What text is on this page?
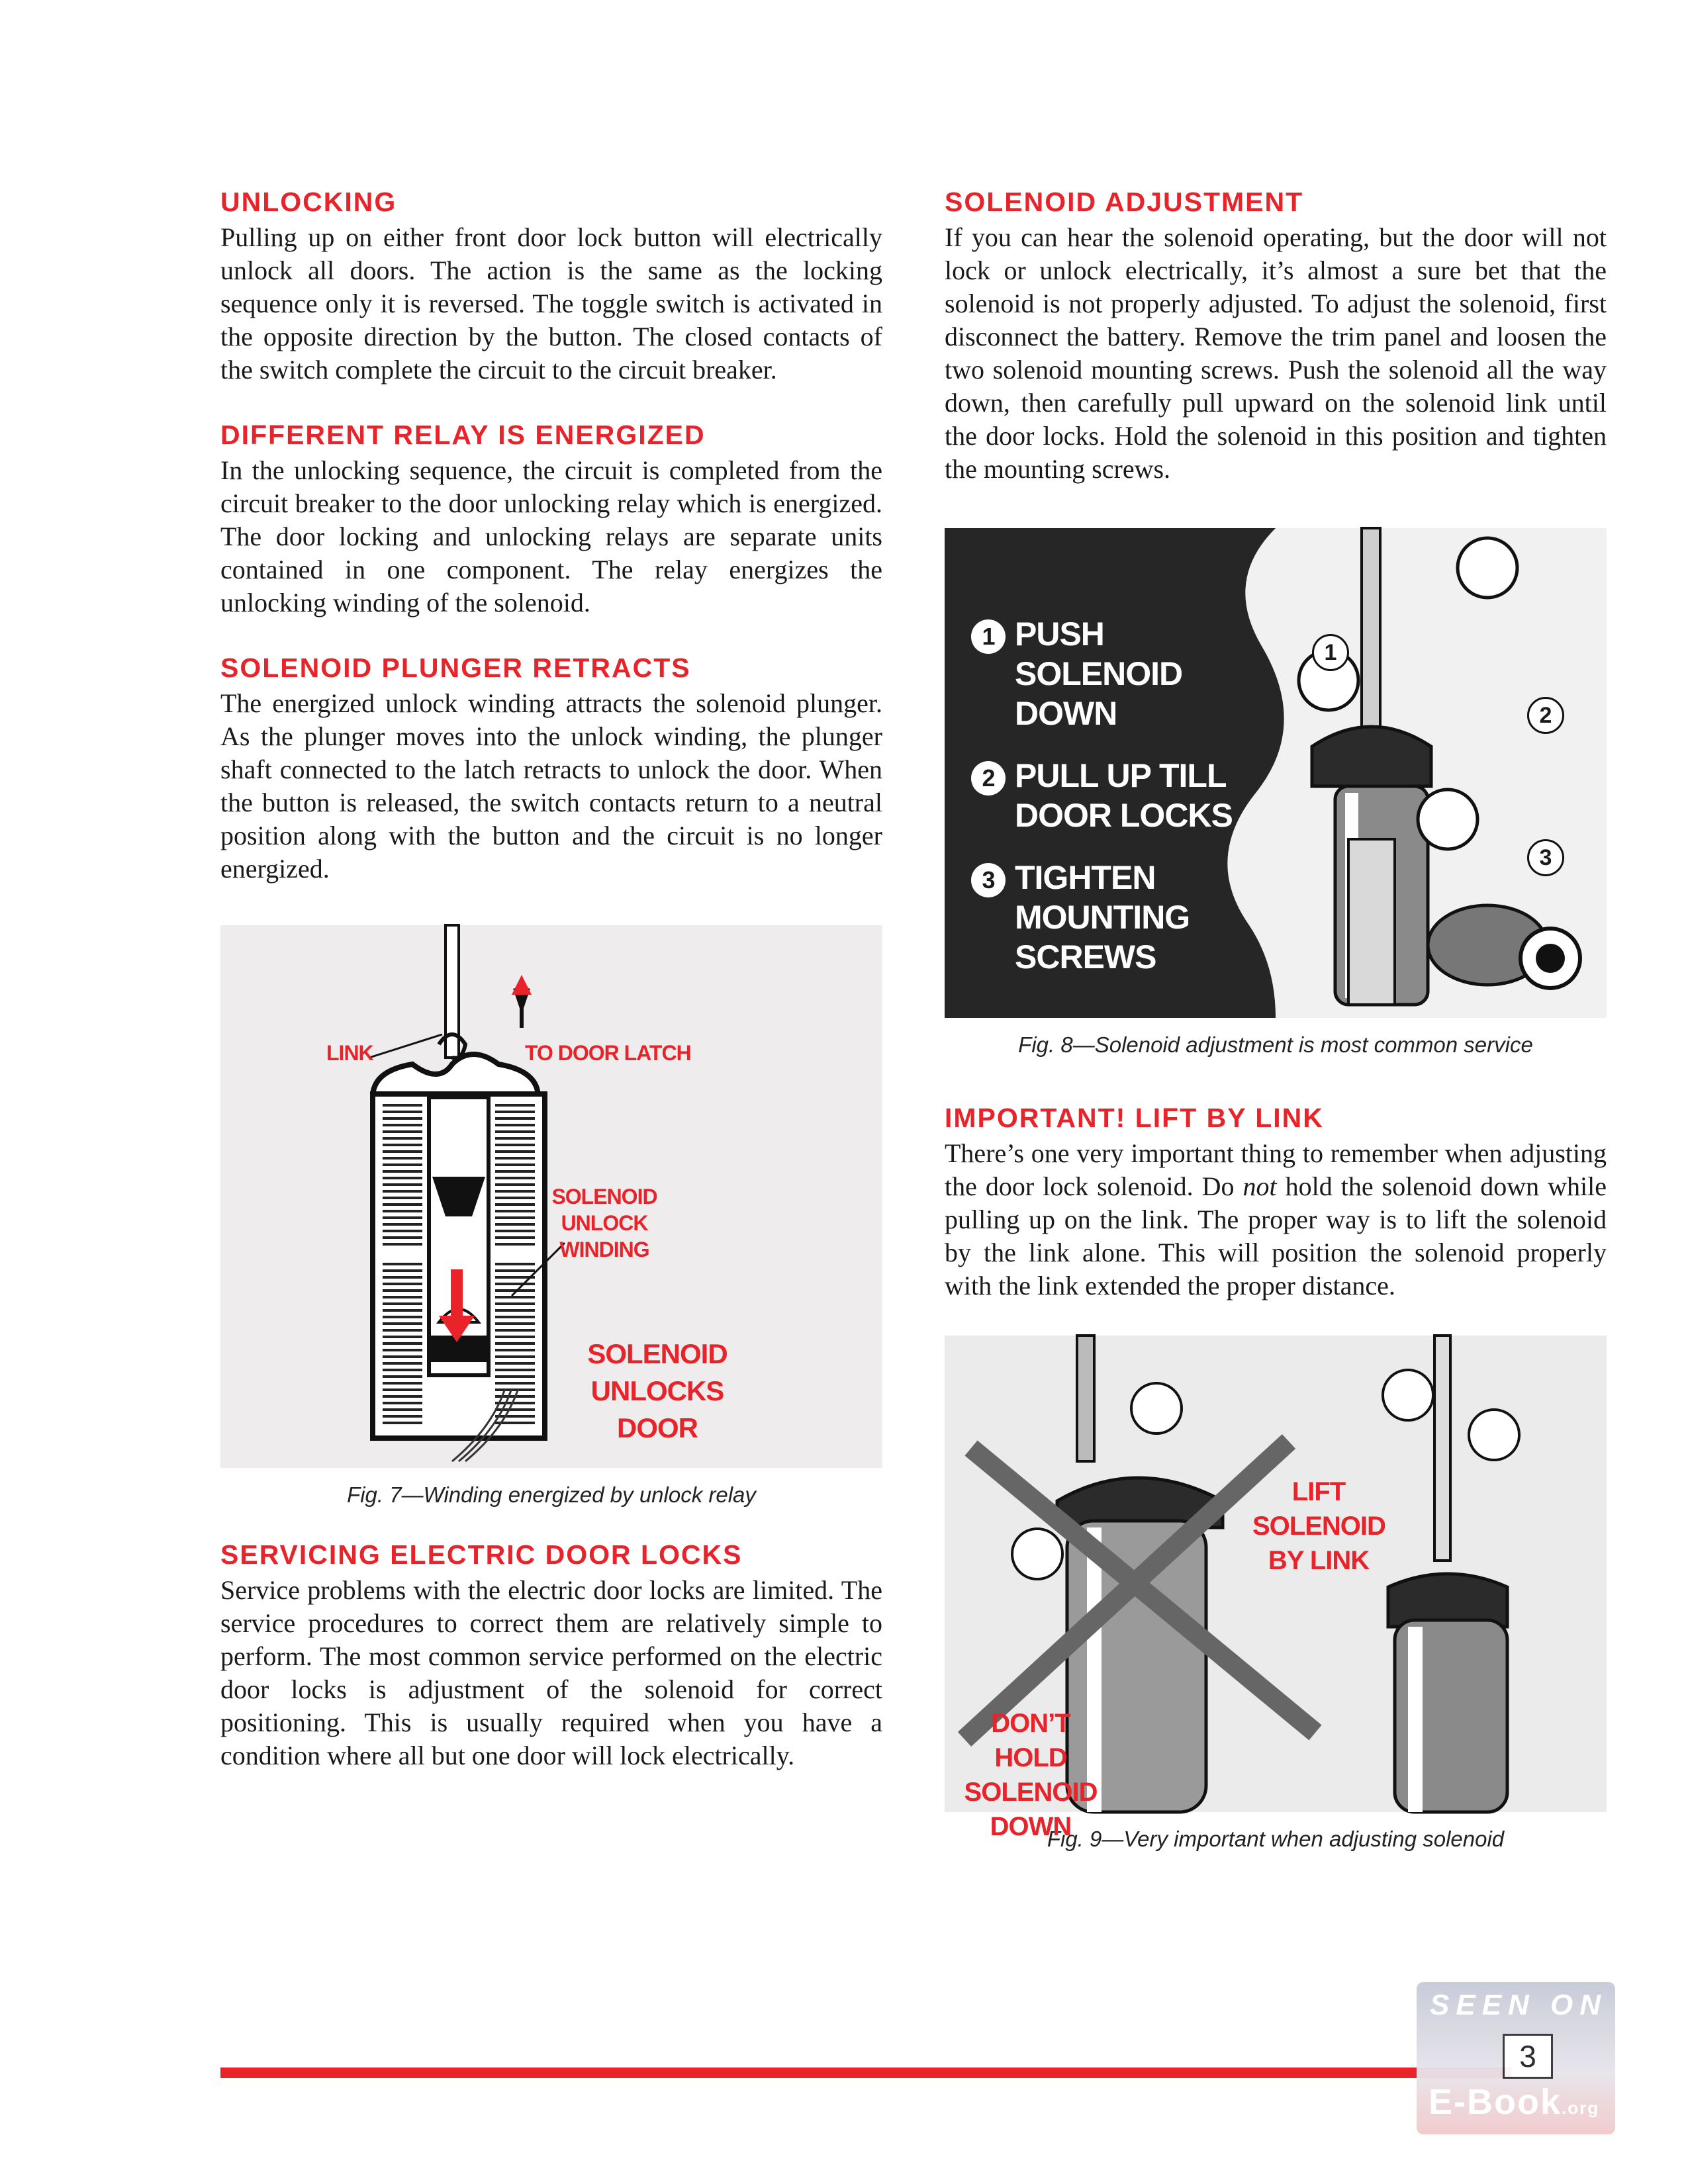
UNLOCKING

Pulling up on either front door lock button will electrically unlock all doors. The action is the same as the locking sequence only it is reversed. The toggle switch is activated in the opposite direction by the button. The closed contacts of the switch complete the circuit to the circuit breaker.

DIFFERENT RELAY IS ENERGIZED

In the unlocking sequence, the circuit is completed from the circuit breaker to the door unlocking relay which is energized. The door locking and unlocking relays are separate units contained in one component. The relay energizes the unlocking winding of the solenoid.

SOLENOID PLUNGER RETRACTS

The energized unlock winding attracts the solenoid plunger. As the plunger moves into the unlock winding, the plunger shaft connected to the latch retracts to unlock the door. When the button is released, the switch contacts return to a neutral position along with the button and the circuit is no longer energized.

LINK	TO DOOR LATCH
SOLENOID UNLOCK WINDING
SOLENOID UNLOCKS DOOR
Fig. 7—Winding energized by unlock relay
SERVICING ELECTRIC DOOR LOCKS

Service problems with the electric door locks are limited. The service procedures to correct them are relatively simple to perform. The most common service performed on the electric door locks is adjustment of the solenoid for correct positioning. This is usually required when you have a condition where all but one door will lock electrically.

SOLENOID ADJUSTMENT

If you can hear the solenoid operating, but the door will not lock or unlock electrically, it’s almost a sure bet that the solenoid is not properly adjusted. To adjust the solenoid, first disconnect the battery. Remove the trim panel and loosen the two solenoid mounting screws. Push the solenoid all the way down, then carefully pull upward on the solenoid link until the door locks. Hold the solenoid in this position and tighten the mounting screws.

1 PUSH SOLENOID DOWN
2 PULL UP TILL DOOR LOCKS
3 TIGHTEN MOUNTING SCREWS
1
2
3
Fig. 8—Solenoid adjustment is most common service
IMPORTANT! LIFT BY LINK

There’s one very important thing to remember when adjusting the door lock solenoid. Do not hold the solenoid down while pulling up on the link. The proper way is to lift the solenoid by the link alone. This will position the solenoid properly with the link extended the proper distance.

DON’T HOLD SOLENOID DOWN
LIFT SOLENOID BY LINK
Fig. 9—Very important when adjusting solenoid
SEEN ON
3
E-Book.org
